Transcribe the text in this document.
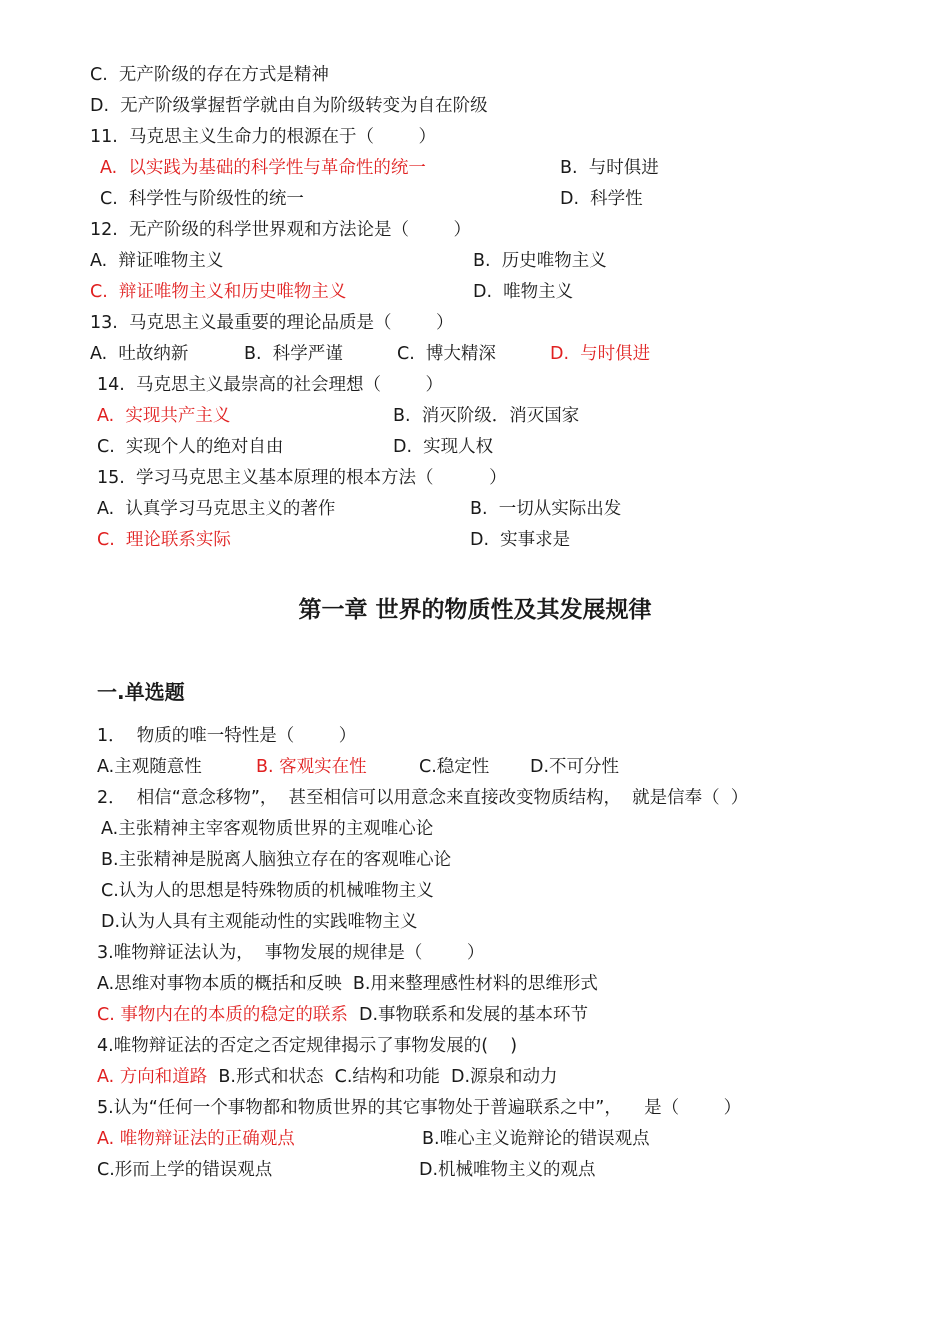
C.  无产阶级的存在方式是精神
D.  无产阶级掌握哲学就由自为阶级转变为自在阶级
11.  马克思主义生命力的根源在于（        ）
A.  以实践为基础的科学性与革命性的统一	B.  与时俱进
C.  科学性与阶级性的统一	D.  科学性
12.  无产阶级的科学世界观和方法论是（        ）
A.  辩证唯物主义	B.  历史唯物主义
C.  辩证唯物主义和历史唯物主义	D.  唯物主义
13.  马克思主义最重要的理论品质是（        ）
A.  吐故纳新	B.  科学严谨	C.  博大精深	D.  与时俱进
14.  马克思主义最崇高的社会理想（        ）
A.  实现共产主义	B.  消灭阶级．消灭国家
C.  实现个人的绝对自由	D.  实现人权
15.  学习马克思主义基本原理的根本方法（          ）
A.  认真学习马克思主义的著作	B.  一切从实际出发
C.  理论联系实际	D.  实事求是
第一章 世界的物质性及其发展规律
一.单选题
1．  物质的唯一特性是（        ）
A.主观随意性	B. 客观实在性	C.稳定性 D.不可分性
2．  相信“意念移物”，  甚至相信可以用意念来直接改变物质结构，  就是信奉（  ）
A.主张精神主宰客观物质世界的主观唯心论
B.主张精神是脱离人脑独立存在的客观唯心论
C.认为人的思想是特殊物质的机械唯物主义
D.认为人具有主观能动性的实践唯物主义
3.唯物辩证法认为，  事物发展的规律是（        ）
A.思维对事物本质的概括和反映  B.用来整理感性材料的思维形式
C. 事物内在的本质的稳定的联系  D.事物联系和发展的基本环节
4.唯物辩证法的否定之否定规律揭示了事物发展的(    )
A. 方向和道路  B.形式和状态  C.结构和功能  D.源泉和动力
5.认为“任何一个事物都和物质世界的其它事物处于普遍联系之中”，    是（        ）
A. 唯物辩证法的正确观点	B.唯心主义诡辩论的错误观点
C.形而上学的错误观点	D.机械唯物主义的观点
